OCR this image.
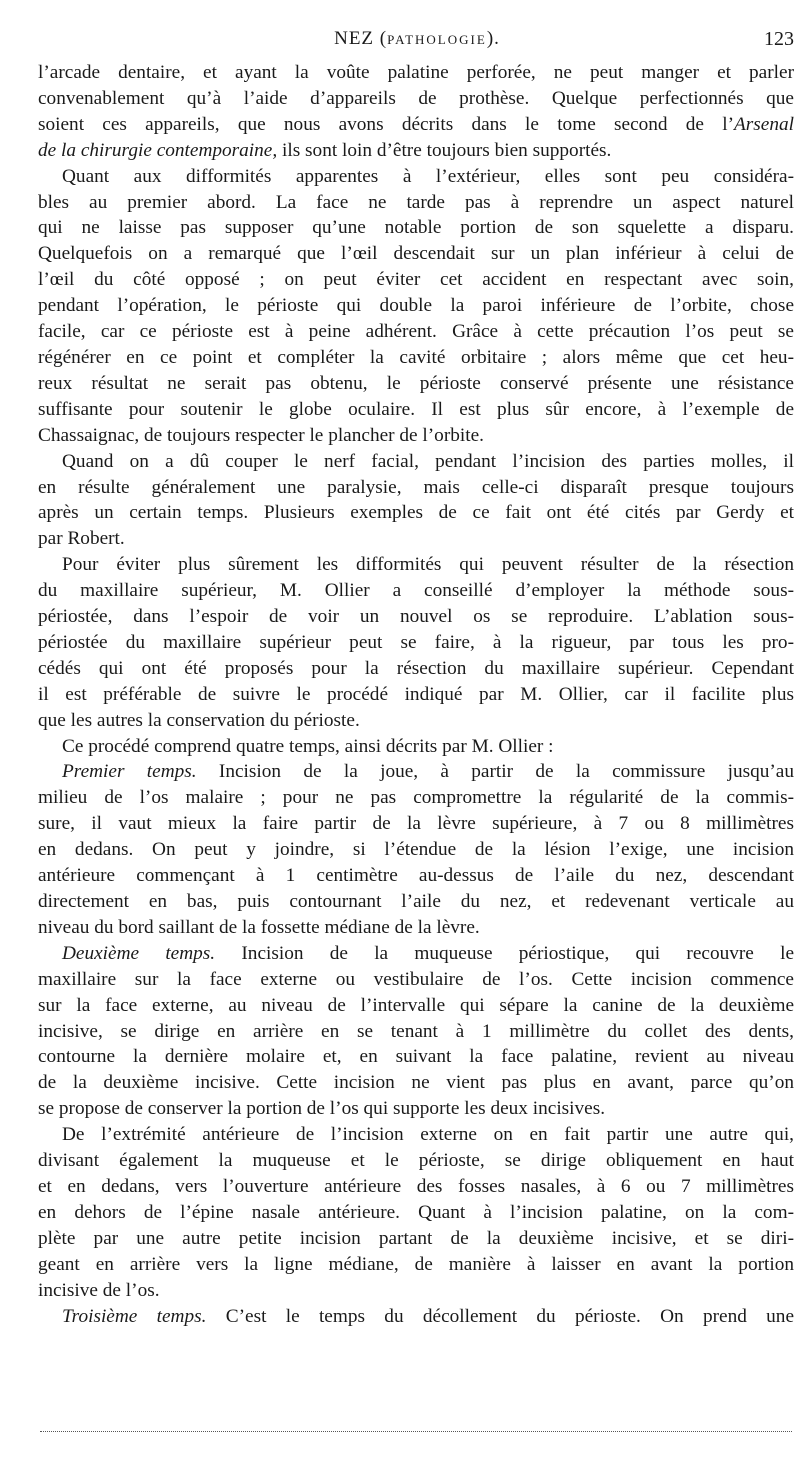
NEZ (PATHOLOGIE).	123

l’arcade dentaire, et ayant la voûte palatine perforée, ne peut manger et parler

convenablement qu’à l’aide d’appareils de prothèse. Quelque perfectionnés que

soient ces appareils, que nous avons décrits dans le tome second de l’Arsenal

de la chirurgie contemporaine, ils sont loin d’être toujours bien supportés.

Quant aux difformités apparentes à l’extérieur, elles sont peu considéra-

bles au premier abord. La face ne tarde pas à reprendre un aspect naturel

qui ne laisse pas supposer qu’une notable portion de son squelette a disparu.

Quelquefois on a remarqué que l’œil descendait sur un plan inférieur à celui de

l’œil du côté opposé ; on peut éviter cet accident en respectant avec soin,

pendant l’opération, le périoste qui double la paroi inférieure de l’orbite, chose

facile, car ce périoste est à peine adhérent. Grâce à cette précaution l’os peut se

régénérer en ce point et compléter la cavité orbitaire ; alors même que cet heu-

reux résultat ne serait pas obtenu, le périoste conservé présente une résistance

suffisante pour soutenir le globe oculaire. Il est plus sûr encore, à l’exemple de

Chassaignac, de toujours respecter le plancher de l’orbite.

Quand on a dû couper le nerf facial, pendant l’incision des parties molles, il

en résulte généralement une paralysie, mais celle-ci disparaît presque toujours

après un certain temps. Plusieurs exemples de ce fait ont été cités par Gerdy et

par Robert.

Pour éviter plus sûrement les difformités qui peuvent résulter de la résection

du maxillaire supérieur, M. Ollier a conseillé d’employer la méthode sous-

périostée, dans l’espoir de voir un nouvel os se reproduire. L’ablation sous-

périostée du maxillaire supérieur peut se faire, à la rigueur, par tous les pro-

cédés qui ont été proposés pour la résection du maxillaire supérieur. Cependant

il est préférable de suivre le procédé indiqué par M. Ollier, car il facilite plus

que les autres la conservation du périoste.

Ce procédé comprend quatre temps, ainsi décrits par M. Ollier :

Premier temps. Incision de la joue, à partir de la commissure jusqu’au

milieu de l’os malaire ; pour ne pas compromettre la régularité de la commis-

sure, il vaut mieux la faire partir de la lèvre supérieure, à 7 ou 8 millimètres

en dedans. On peut y joindre, si l’étendue de la lésion l’exige, une incision

antérieure commençant à 1 centimètre au-dessus de l’aile du nez, descendant

directement en bas, puis contournant l’aile du nez, et redevenant verticale au

niveau du bord saillant de la fossette médiane de la lèvre.

Deuxième temps. Incision de la muqueuse périostique, qui recouvre le

maxillaire sur la face externe ou vestibulaire de l’os. Cette incision commence

sur la face externe, au niveau de l’intervalle qui sépare la canine de la deuxième

incisive, se dirige en arrière en se tenant à 1 millimètre du collet des dents,

contourne la dernière molaire et, en suivant la face palatine, revient au niveau

de la deuxième incisive. Cette incision ne vient pas plus en avant, parce qu’on

se propose de conserver la portion de l’os qui supporte les deux incisives.

De l’extrémité antérieure de l’incision externe on en fait partir une autre qui,

divisant également la muqueuse et le périoste, se dirige obliquement en haut

et en dedans, vers l’ouverture antérieure des fosses nasales, à 6 ou 7 millimètres

en dehors de l’épine nasale antérieure. Quant à l’incision palatine, on la com-

plète par une autre petite incision partant de la deuxième incisive, et se diri-

geant en arrière vers la ligne médiane, de manière à laisser en avant la portion

incisive de l’os.

Troisième temps. C’est le temps du décollement du périoste. On prend une
